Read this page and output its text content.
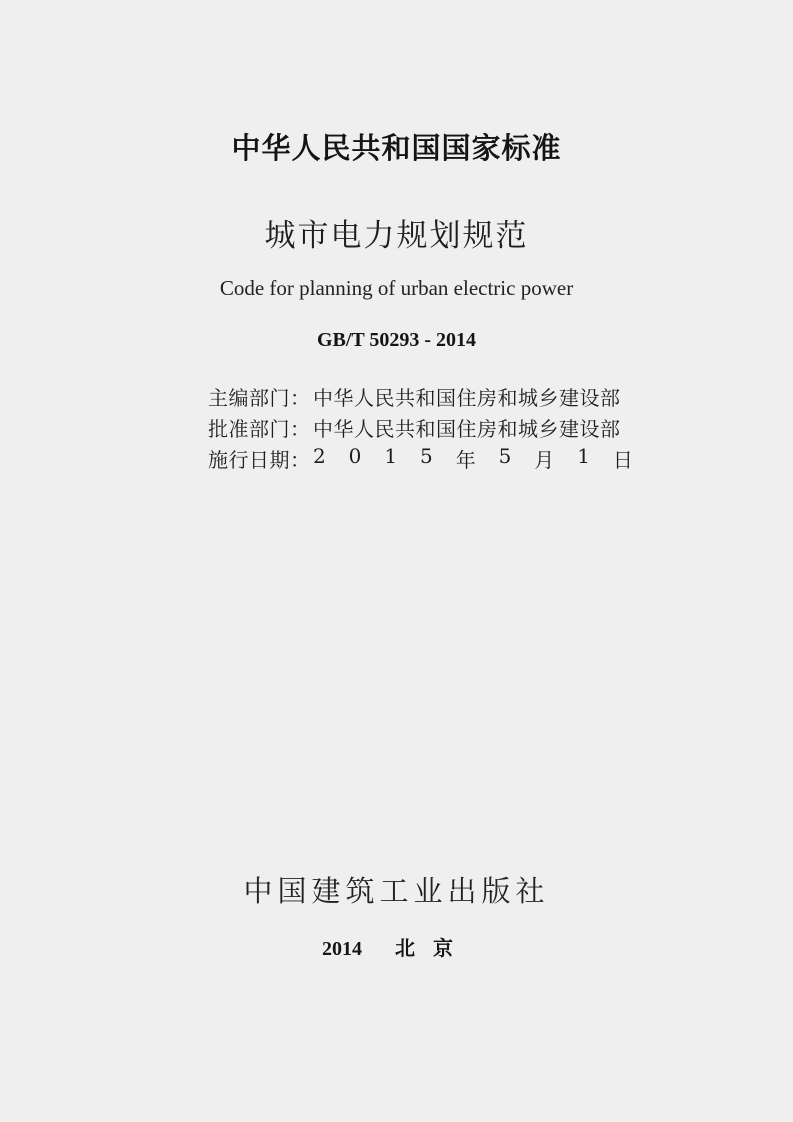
中华人民共和国国家标准
城市电力规划规范
Code for planning of urban electric power
GB/T 50293 - 2014
主编部门： 中华人民共和国住房和城乡建设部
批准部门： 中华人民共和国住房和城乡建设部
施行日期： 2 0 1 5 年 5 月 1 日
中国建筑工业出版社
2014 北京
